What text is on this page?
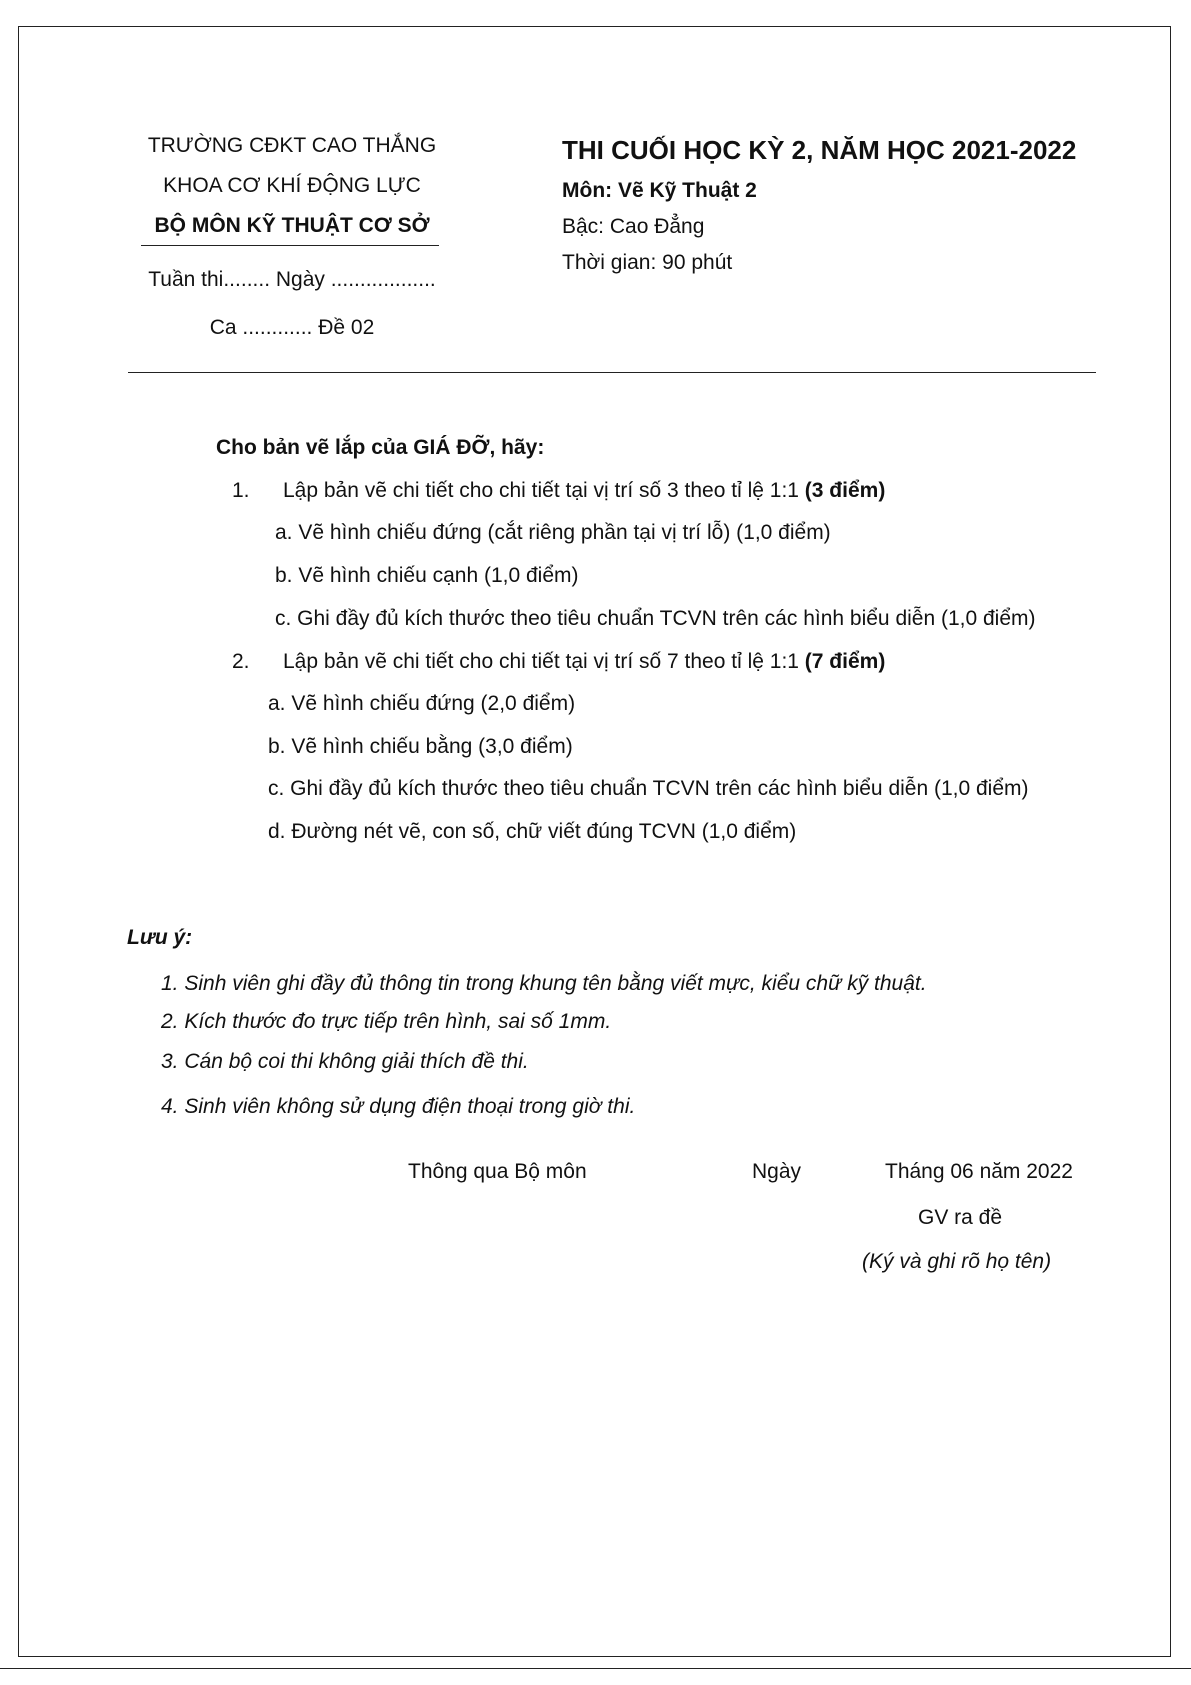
TRƯỜNG CĐKT CAO THẮNG
KHOA CƠ KHÍ ĐỘNG LỰC
BỘ MÔN KỸ THUẬT CƠ SỞ
Tuần thi........ Ngày ..................
Ca ............ Đề 02
THI CUỐI HỌC KỲ 2, NĂM HỌC 2021-2022
Môn: Vẽ Kỹ Thuật 2
Bậc: Cao Đẳng
Thời gian: 90 phút
Cho bản vẽ lắp của GIÁ ĐỠ, hãy:
1. Lập bản vẽ chi tiết cho chi tiết tại vị trí số 3 theo tỉ lệ 1:1 (3 điểm)
a. Vẽ hình chiếu đứng (cắt riêng phần tại vị trí lỗ) (1,0 điểm)
b. Vẽ hình chiếu cạnh (1,0 điểm)
c. Ghi đầy đủ kích thước theo tiêu chuẩn TCVN trên các hình biểu diễn (1,0 điểm)
2. Lập bản vẽ chi tiết cho chi tiết tại vị trí số 7 theo tỉ lệ 1:1 (7 điểm)
a. Vẽ hình chiếu đứng (2,0 điểm)
b. Vẽ hình chiếu bằng (3,0 điểm)
c. Ghi đầy đủ kích thước theo tiêu chuẩn TCVN trên các hình biểu diễn (1,0 điểm)
d. Đường nét vẽ, con số, chữ viết đúng TCVN (1,0 điểm)
Lưu ý:
1. Sinh viên ghi đầy đủ thông tin trong khung tên bằng viết mực, kiểu chữ kỹ thuật.
2. Kích thước đo trực tiếp trên hình, sai số 1mm.
3. Cán bộ coi thi không giải thích đề thi.
4. Sinh viên không sử dụng điện thoại trong giờ thi.
Thông qua Bộ môn	Ngày	Tháng 06 năm 2022
GV ra đề
(Ký và ghi rõ họ tên)
